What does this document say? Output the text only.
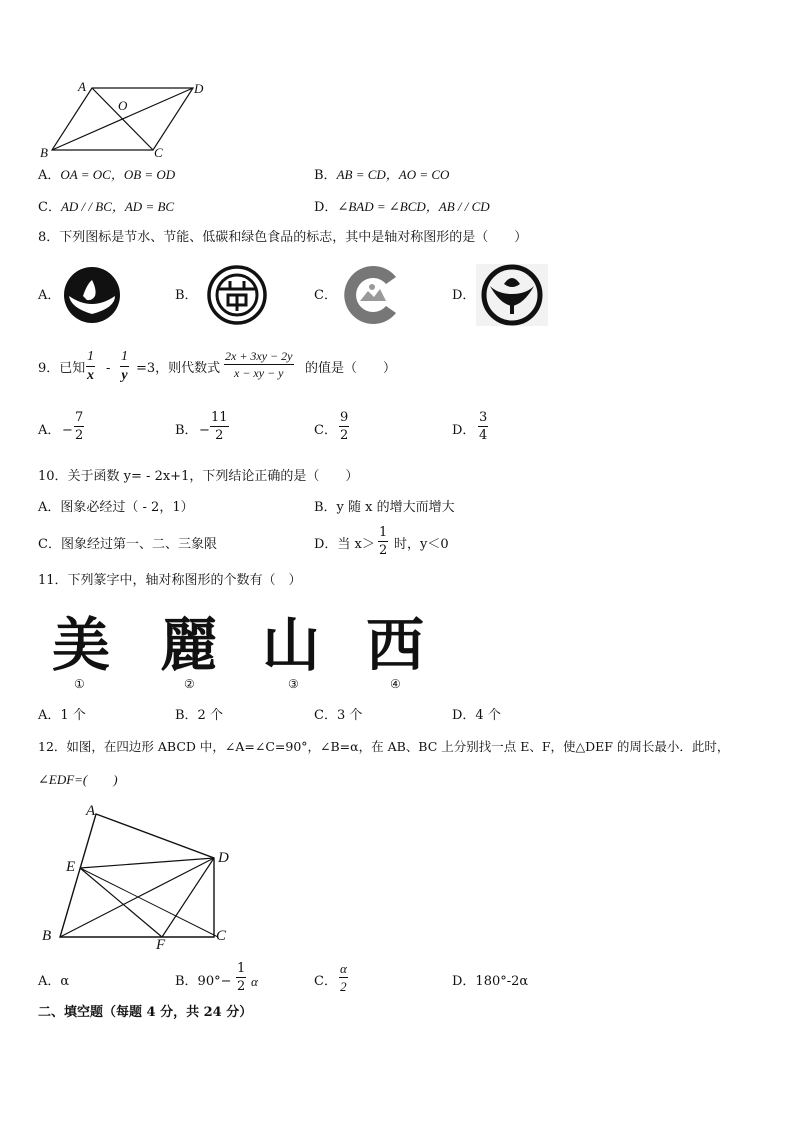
A	D
O
B	C
A．OA = OC，OB = OD	B．AB = CD，AO = CO
C．AD / / BC，AD = BC	D．∠BAD = ∠BCD，AB / / CD
8．下列图标是节水、节能、低碳和绿色食品的标志，其中是轴对称图形的是（　　）
A．	B．	C．	D．
9．已知
1
x -
1
y =3，则代数式
2x + 3xy − 2y
x − xy − y	的值是（　　）
A． −
7
2	B． −
11
2	C．
9
2	D．
3
4
10．关于函数 y= - 2x+1，下列结论正确的是（　　）
A．图象必经过（ - 2，1）	B．y 随 x 的增大而增大
C．图象经过第一、二、三象限	D．当 x＞
1
2 时，y＜0
11．下列篆字中，轴对称图形的个数有（　）
美
①
麗
②
山
③
西
④
A．1 个	B．2 个	C．3 个	D．4 个
12．如图，在四边形 ABCD 中，∠A=∠C=90°，∠B=α，在 AB、BC 上分别找一点 E、F，使△DEF 的周长最小．此时，
∠EDF=(　　)
A
E
B
F
C
D
A．α	B．90°−
1
2 α	C．
α
2	D．180°-2α
二、填空题（每题 4 分，共 24 分）
